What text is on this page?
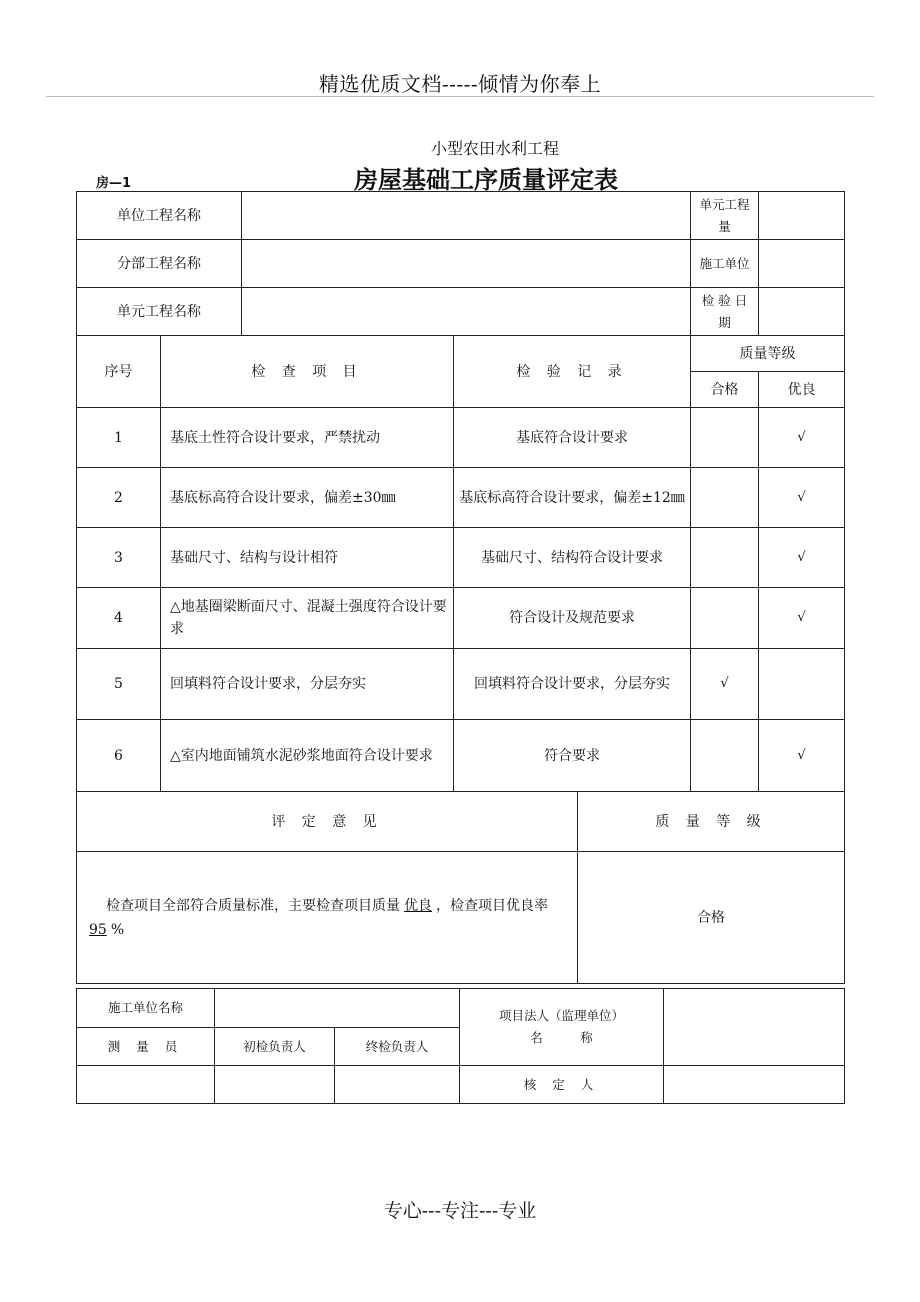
精选优质文档-----倾情为你奉上
小型农田水利工程
房—1	房屋基础工序质量评定表
单位工程名称					单元工程量	
分部工程名称					施工单位	
单元工程名称					检 验 日 期	
序号	检 查 项 目		检 验 记 录		质量等级	
					合格	优良
1	基底土性符合设计要求，严禁扰动		基底符合设计要求			√
2	基底标高符合设计要求，偏差±30㎜		基底标高符合设计要求，偏差±12㎜			√
3	基础尺寸、结构与设计相符		基础尺寸、结构符合设计要求			√
4	△地基圈梁断面尺寸、混凝土强度符合设计要求		符合设计及规范要求			√
5	回填料符合设计要求，分层夯实		回填料符合设计要求，分层夯实		√	
6	△室内地面铺筑水泥砂浆地面符合设计要求		符合要求			√
评 定 意 见				质 量 等 级		
  检查项目全部符合质量标准，主要检查项目质量 优良 ，检查项目优良率95 %				合格		
施工单位名称			项目法人（监理单位）
名　　　称	

测 量 员	初检负责人	终检负责人		
			核 定 人	
专心---专注---专业
